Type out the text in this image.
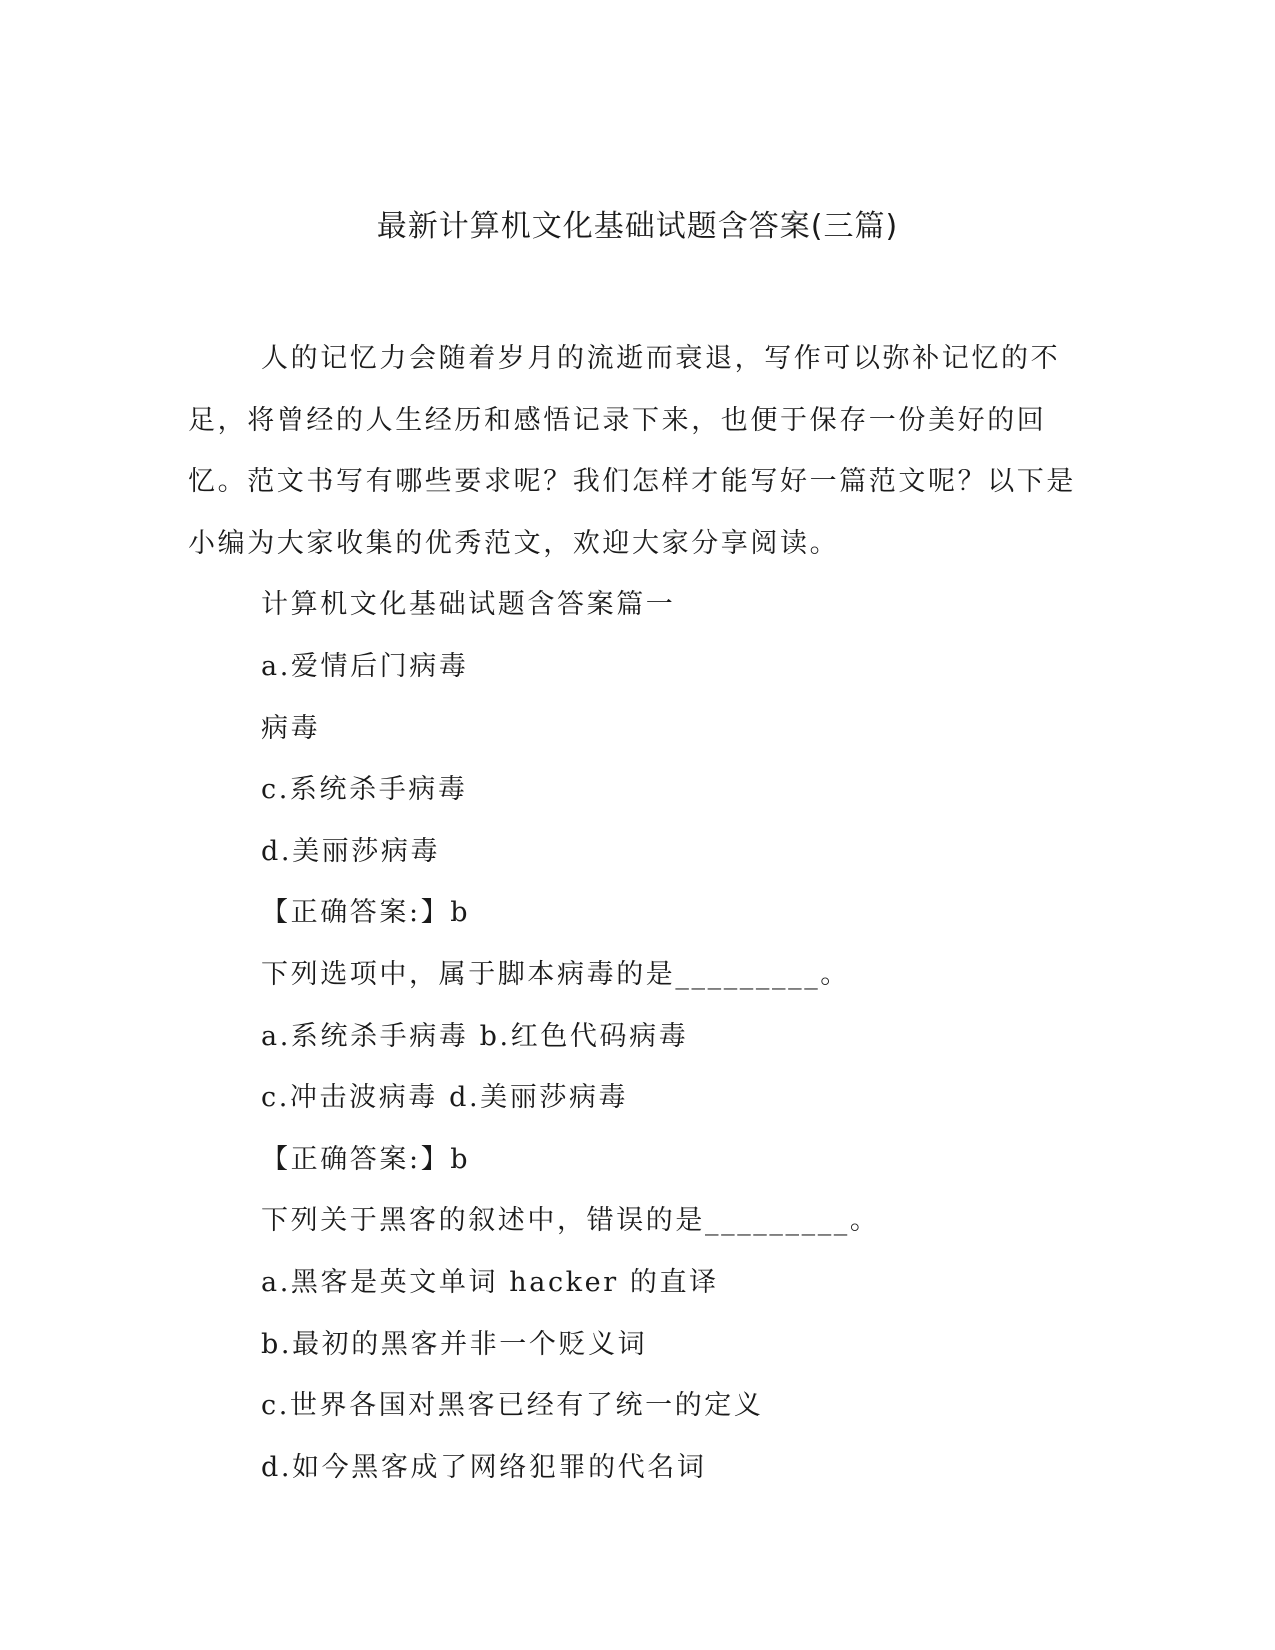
最新计算机文化基础试题含答案(三篇)

人的记忆力会随着岁月的流逝而衰退，写作可以弥补记忆的不足，将曾经的人生经历和感悟记录下来，也便于保存一份美好的回忆。范文书写有哪些要求呢？我们怎样才能写好一篇范文呢？以下是小编为大家收集的优秀范文，欢迎大家分享阅读。

计算机文化基础试题含答案篇一

a.爱情后门病毒

病毒

c.系统杀手病毒

d.美丽莎病毒

【正确答案:】b

下列选项中，属于脚本病毒的是_________。

a.系统杀手病毒 b.红色代码病毒

c.冲击波病毒 d.美丽莎病毒

【正确答案:】b

下列关于黑客的叙述中，错误的是_________。

a.黑客是英文单词 hacker 的直译

b.最初的黑客并非一个贬义词

c.世界各国对黑客已经有了统一的定义

d.如今黑客成了网络犯罪的代名词
